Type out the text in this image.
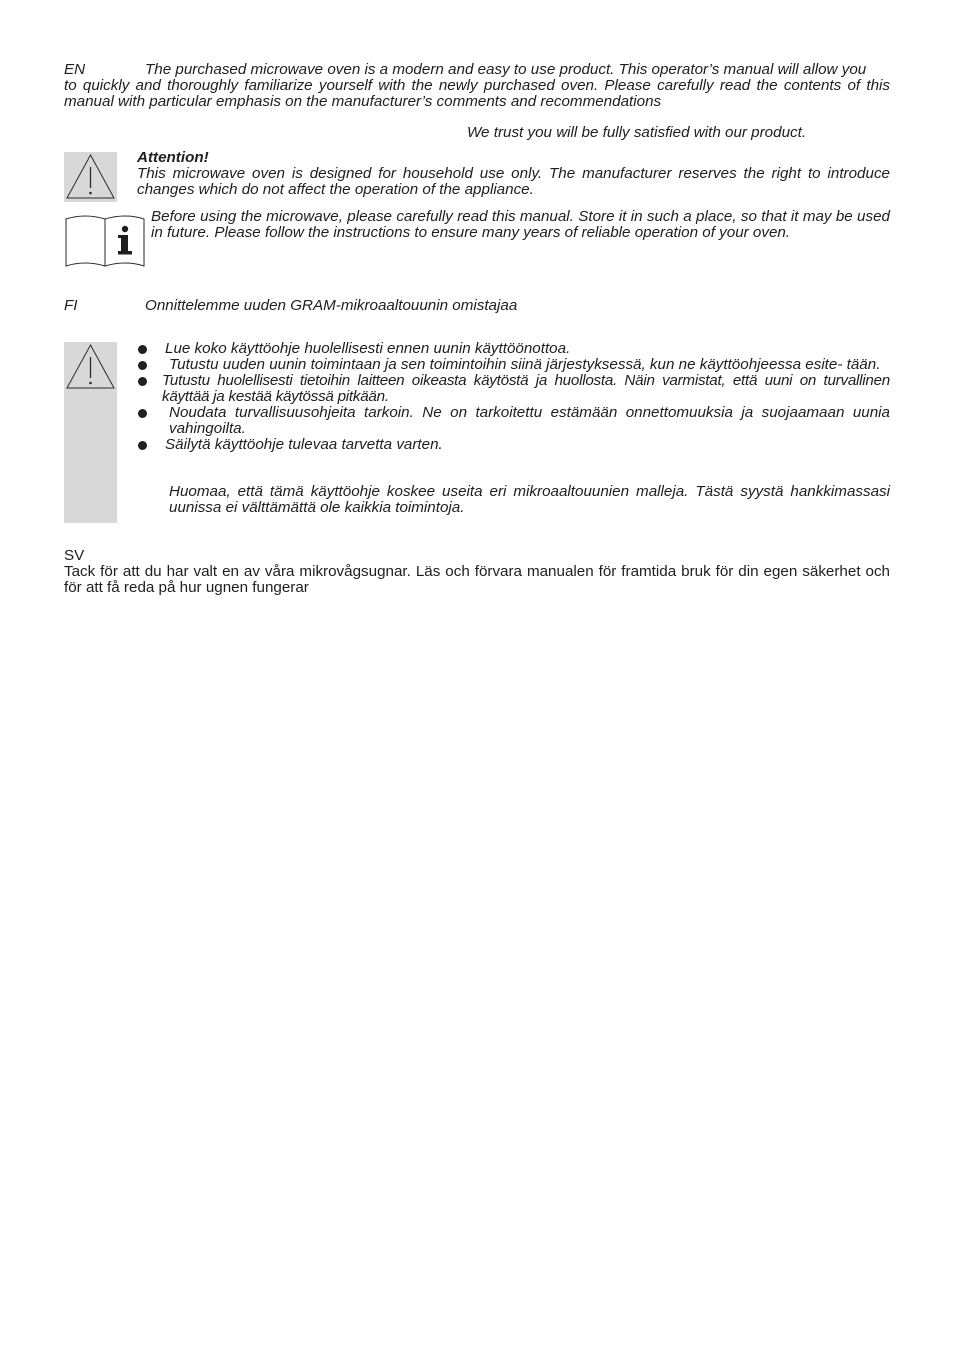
EN	The purchased microwave oven is a modern and easy to use product. This operator’s manual will allow you
to quickly and thoroughly familiarize yourself with the newly purchased oven. Please carefully read the contents of this manual with particular emphasis on the manufacturer’s comments and recommendations
We trust you will be fully satisfied with our product.
Attention!
This microwave oven is designed for household use only. The manufacturer reserves the right to introduce changes which do not affect the operation of the appliance.
Before using the microwave, please carefully read this manual. Store it in such a place, so that it may be used in future. Please follow the instructions to ensure many years of reliable operation of your oven.
FI	Onnittelemme uuden GRAM-mikroaaltouunin omistajaa
Lue koko käyttöohje huolellisesti ennen uunin käyttöönottoa.
Tutustu uuden uunin toimintaan ja sen toimintoihin siinä järjestyksessä, kun ne käyttöohjeessa esite- tään.
Tutustu huolellisesti tietoihin laitteen oikeasta käytöstä ja huollosta. Näin varmistat, että uuni on turvallinen käyttää ja kestää käytössä pitkään.
Noudata turvallisuusohjeita tarkoin. Ne on tarkoitettu estämään onnettomuuksia ja suojaamaan uunia vahingoilta.
Säilytä käyttöohje tulevaa tarvetta varten.
Huomaa, että tämä käyttöohje koskee useita eri mikroaaltouunien malleja. Tästä syystä hankkimassasi uunissa ei välttämättä ole kaikkia toimintoja.
SV
Tack för att du har valt en av våra mikrovågsugnar. Läs och förvara manualen för framtida bruk för din egen säkerhet och för att få reda på hur ugnen fungerar
